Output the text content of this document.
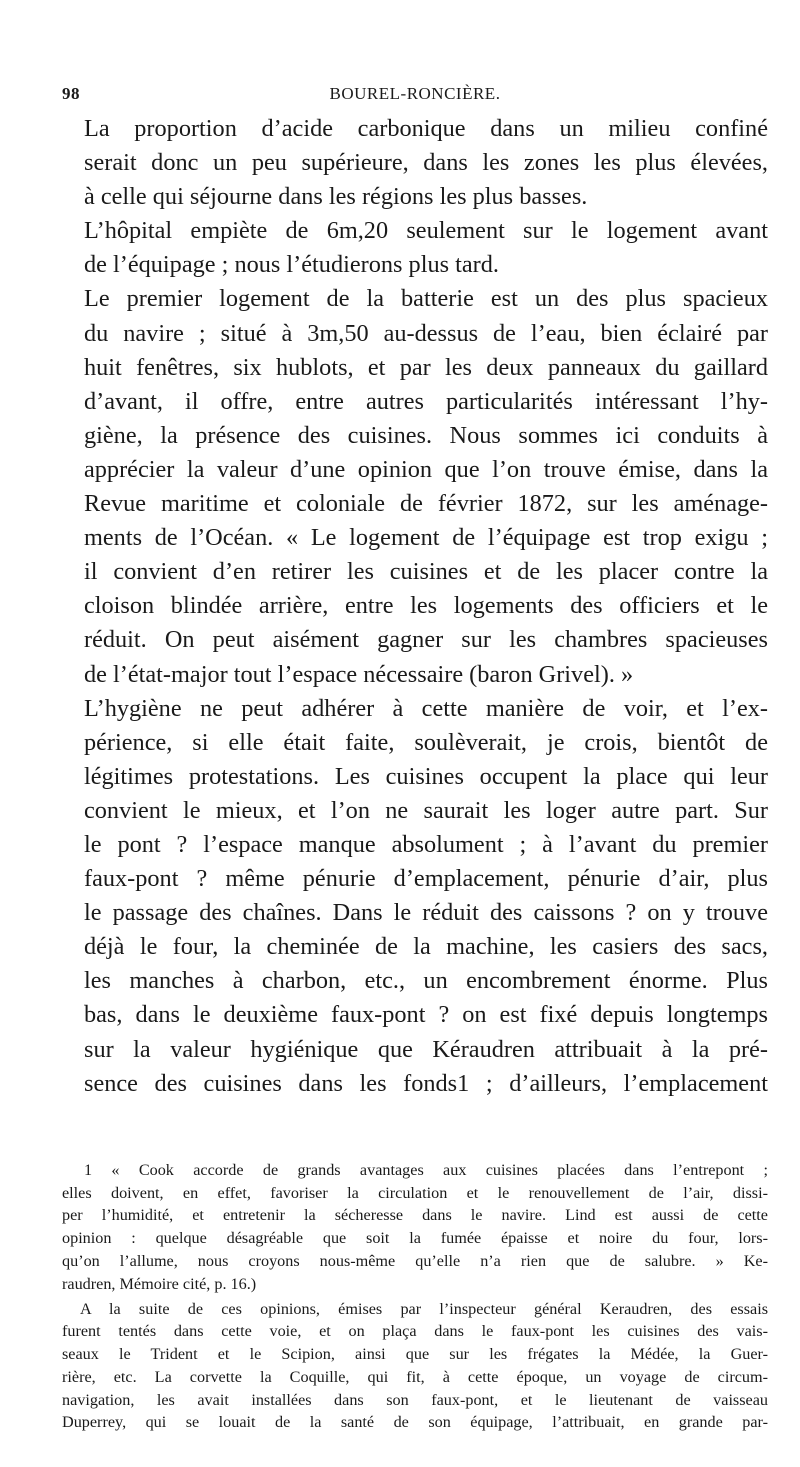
98	BOUREL-RONCIÈRE.

La proportion d’acide carbonique dans un milieu confiné
serait donc un peu supérieure, dans les zones les plus élevées,
à celle qui séjourne dans les régions les plus basses.

L’hôpital empiète de 6m,20 seulement sur le logement avant
de l’équipage ; nous l’étudierons plus tard.

Le premier logement de la batterie est un des plus spacieux
du navire ; situé à 3m,50 au-dessus de l’eau, bien éclairé par
huit fenêtres, six hublots, et par les deux panneaux du gaillard
d’avant, il offre, entre autres particularités intéressant l’hy-
giène, la présence des cuisines. Nous sommes ici conduits à
apprécier la valeur d’une opinion que l’on trouve émise, dans la
Revue maritime et coloniale de février 1872, sur les aménage-
ments de l’Océan. « Le logement de l’équipage est trop exigu ;
il convient d’en retirer les cuisines et de les placer contre la
cloison blindée arrière, entre les logements des officiers et le
réduit. On peut aisément gagner sur les chambres spacieuses
de l’état-major tout l’espace nécessaire (baron Grivel). »

L’hygiène ne peut adhérer à cette manière de voir, et l’ex-
périence, si elle était faite, soulèverait, je crois, bientôt de
légitimes protestations. Les cuisines occupent la place qui leur
convient le mieux, et l’on ne saurait les loger autre part. Sur
le pont ? l’espace manque absolument ; à l’avant du premier
faux-pont ? même pénurie d’emplacement, pénurie d’air, plus
le passage des chaînes. Dans le réduit des caissons ? on y trouve
déjà le four, la cheminée de la machine, les casiers des sacs,
les manches à charbon, etc., un encombrement énorme. Plus
bas, dans le deuxième faux-pont ? on est fixé depuis longtemps
sur la valeur hygiénique que Kéraudren attribuait à la pré-
sence des cuisines dans les fonds1 ; d’ailleurs, l’emplacement

1 « Cook accorde de grands avantages aux cuisines placées dans l’entrepont ;
elles doivent, en effet, favoriser la circulation et le renouvellement de l’air, dissi-
per l’humidité, et entretenir la sécheresse dans le navire. Lind est aussi de cette
opinion : quelque désagréable que soit la fumée épaisse et noire du four, lors-
qu’on l’allume, nous croyons nous-même qu’elle n’a rien que de salubre. » Ke-
raudren, Mémoire cité, p. 16.)

A la suite de ces opinions, émises par l’inspecteur général Keraudren, des essais
furent tentés dans cette voie, et on plaça dans le faux-pont les cuisines des vais-
seaux le Trident et le Scipion, ainsi que sur les frégates la Médée, la Guer-
rière, etc. La corvette la Coquille, qui fit, à cette époque, un voyage de circum-
navigation, les avait installées dans son faux-pont, et le lieutenant de vaisseau
Duperrey, qui se louait de la santé de son équipage, l’attribuait, en grande par-
